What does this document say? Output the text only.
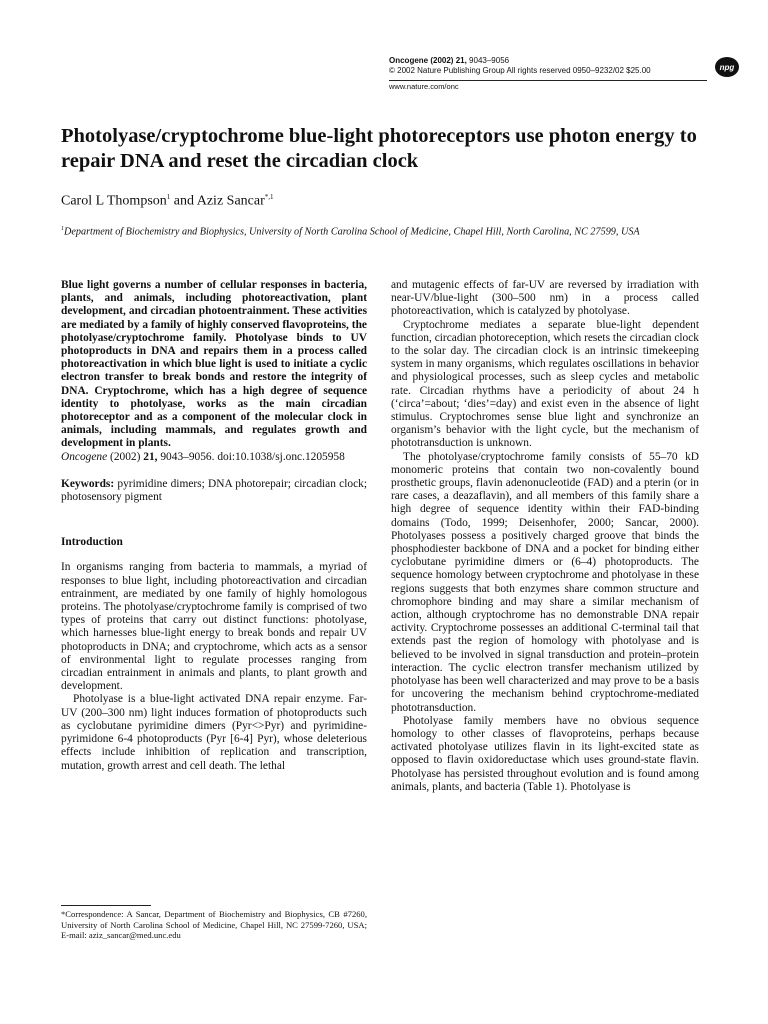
Oncogene (2002) 21, 9043–9056
© 2002 Nature Publishing Group All rights reserved 0950–9232/02 $25.00
www.nature.com/onc
npg
Photolyase/cryptochrome blue-light photoreceptors use photon energy to repair DNA and reset the circadian clock
Carol L Thompson$^1$ and Aziz Sancar$^{*,1}$
$^1$Department of Biochemistry and Biophysics, University of North Carolina School of Medicine, Chapel Hill, North Carolina, NC 27599, USA

Blue light governs a number of cellular responses in bacteria, plants, and animals, including photoreactivation, plant development, and circadian photoentrainment. These activities are mediated by a family of highly conserved flavoproteins, the photolyase/cryptochrome family. Photolyase binds to UV photoproducts in DNA and repairs them in a process called photoreactivation in which blue light is used to initiate a cyclic electron transfer to break bonds and restore the integrity of DNA. Cryptochrome, which has a high degree of sequence identity to photolyase, works as the main circadian photoreceptor and as a component of the molecular clock in animals, including mammals, and regulates growth and development in plants.

Oncogene (2002) 21, 9043–9056. doi:10.1038/sj.onc.1205958

Keywords: pyrimidine dimers; DNA photorepair; circadian clock; photosensory pigment

Introduction

In organisms ranging from bacteria to mammals, a myriad of responses to blue light, including photoreactivation and circadian entrainment, are mediated by one family of highly homologous proteins. The photolyase/cryptochrome family is comprised of two types of proteins that carry out distinct functions: photolyase, which harnesses blue-light energy to break bonds and repair UV photoproducts in DNA; and cryptochrome, which acts as a sensor of environmental light to regulate processes ranging from circadian entrainment in animals and plants, to plant growth and development.

Photolyase is a blue-light activated DNA repair enzyme. Far-UV (200–300 nm) light induces formation of photoproducts such as cyclobutane pyrimidine dimers (Pyr<>Pyr) and pyrimidine-pyrimidone 6-4 photoproducts (Pyr [6-4] Pyr), whose deleterious effects include inhibition of replication and transcription, mutation, growth arrest and cell death. The lethal

and mutagenic effects of far-UV are reversed by irradiation with near-UV/blue-light (300–500 nm) in a process called photoreactivation, which is catalyzed by photolyase.

Cryptochrome mediates a separate blue-light dependent function, circadian photoreception, which resets the circadian clock to the solar day. The circadian clock is an intrinsic timekeeping system in many organisms, which regulates oscillations in behavior and physiological processes, such as sleep cycles and metabolic rate. Circadian rhythms have a periodicity of about 24 h (‘circa’=about; ‘dies’=day) and exist even in the absence of light stimulus. Cryptochromes sense blue light and synchronize an organism’s behavior with the light cycle, but the mechanism of phototransduction is unknown.

The photolyase/cryptochrome family consists of 55–70 kD monomeric proteins that contain two non-covalently bound prosthetic groups, flavin adenonucleotide (FAD) and a pterin (or in rare cases, a deazaflavin), and all members of this family share a high degree of sequence identity within their FAD-binding domains (Todo, 1999; Deisenhofer, 2000; Sancar, 2000). Photolyases possess a positively charged groove that binds the phosphodiester backbone of DNA and a pocket for binding either cyclobutane pyrimidine dimers or (6–4) photoproducts. The sequence homology between cryptochrome and photolyase in these regions suggests that both enzymes share common structure and chromophore binding and may share a similar mechanism of action, although cryptochrome has no demonstrable DNA repair activity. Cryptochrome possesses an additional C-terminal tail that extends past the region of homology with photolyase and is believed to be involved in signal transduction and protein–protein interaction. The cyclic electron transfer mechanism utilized by photolyase has been well characterized and may prove to be a basis for uncovering the mechanism behind cryptochrome-mediated phototransduction.

Photolyase family members have no obvious sequence homology to other classes of flavoproteins, perhaps because activated photolyase utilizes flavin in its light-excited state as opposed to flavin oxidoreductase which uses ground-state flavin. Photolyase has persisted throughout evolution and is found among animals, plants, and bacteria (Table 1). Photolyase is

*Correspondence: A Sancar, Department of Biochemistry and Biophysics, CB #7260, University of North Carolina School of Medicine, Chapel Hill, NC 27599-7260, USA; E-mail: aziz_sancar@med.unc.edu
